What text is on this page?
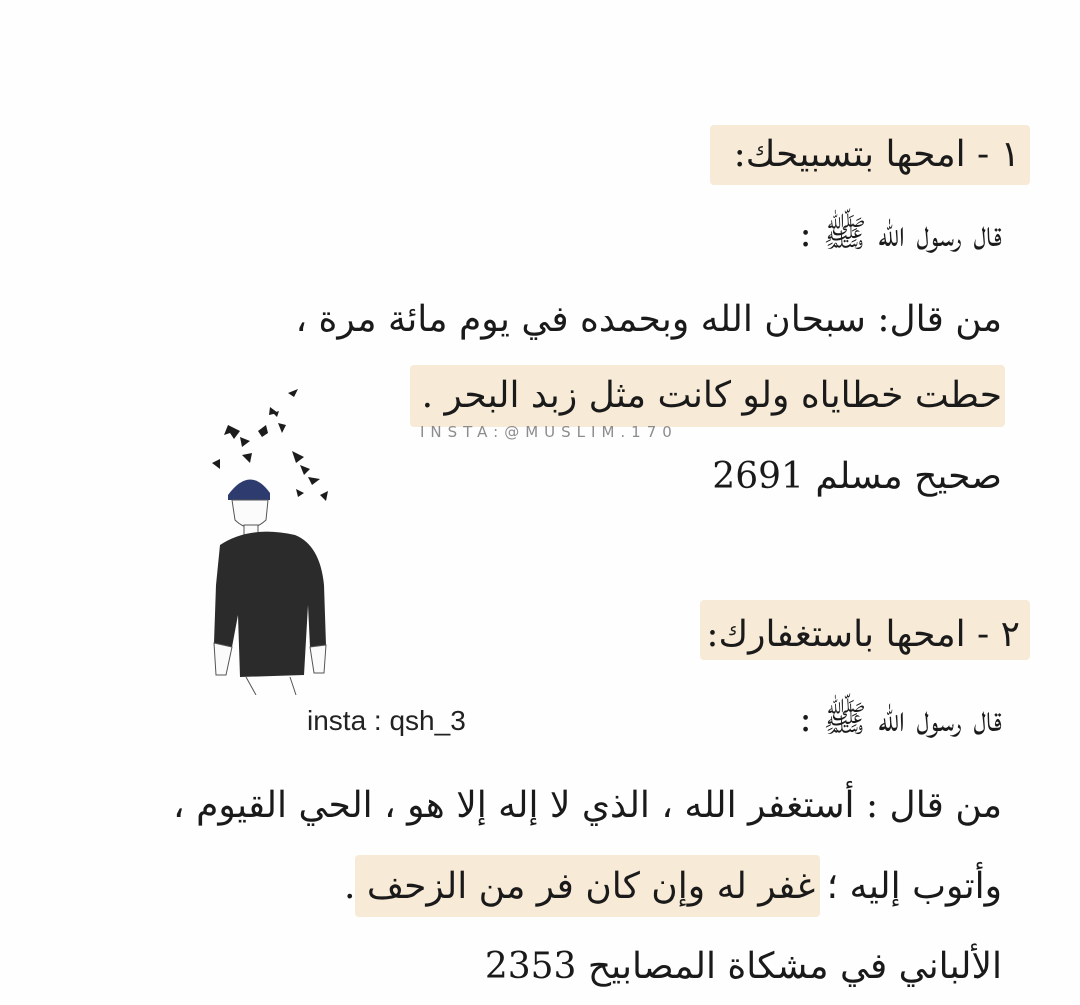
١ - امحها بتسبيحك:
قال رسول الله ﷺ :
من قال: سبحان الله وبحمده في يوم مائة مرة ،
حطت خطاياه ولو كانت مثل زبد البحر .
صحيح مسلم 2691
٢ - امحها باستغفارك:
قال رسول الله ﷺ :
من قال : أستغفر الله ، الذي لا إله إلا هو ، الحي القيوم ،
وأتوب إليه ؛ غفر له وإن كان فر من الزحف .
الألباني في مشكاة المصابيح 2353
INSTA:@MUSLIM.170
insta : qsh_3
